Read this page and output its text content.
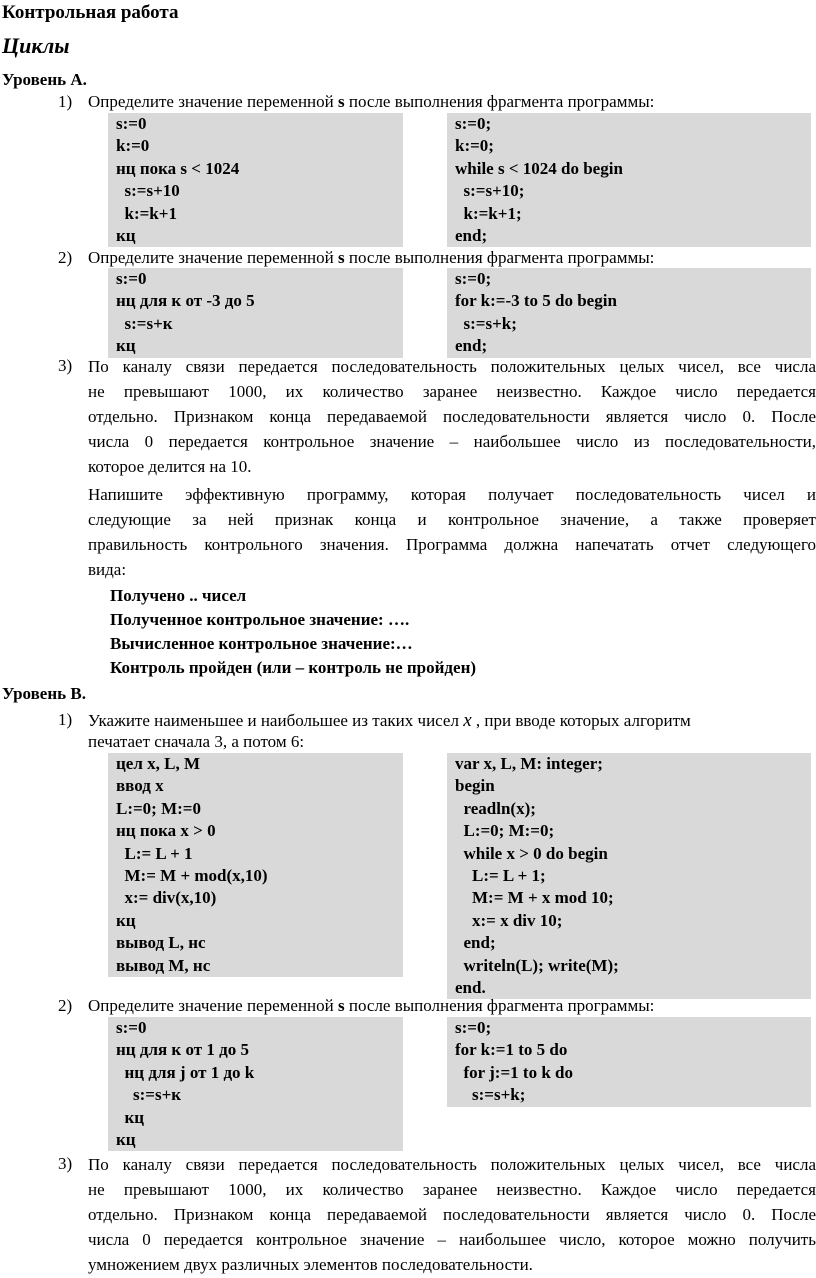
Контрольная работа
Циклы
Уровень А.
1) Определите значение переменной s после выполнения фрагмента программы:
s:=0
k:=0
нц пока s < 1024
s:=s+10
k:=k+1
кц
s:=0;
k:=0;
while s < 1024 do begin
s:=s+10;
k:=k+1;
end;
2) Определите значение переменной s после выполнения фрагмента программы:
s:=0
нц для к от -3 до 5
s:=s+к
кц
s:=0;
for k:=-3 to 5 do begin
s:=s+k;
end;
3) По каналу связи передается последовательность положительных целых чисел, все числа
не превышают 1000, их количество заранее неизвестно. Каждое число передается
отдельно. Признаком конца передаваемой последовательности является число 0. После
числа 0 передается контрольное значение – наибольшее число из последовательности,
которое делится на 10.
Напишите эффективную программу, которая получает последовательность чисел и
следующие за ней признак конца и контрольное значение, а также проверяет
правильность контрольного значения. Программа должна напечатать отчет следующего
вида:
Получено .. чисел
Полученное контрольное значение: ….
Вычисленное контрольное значение:…
Контроль пройден (или – контроль не пройден)
Уровень В.
1) Укажите наименьшее и наибольшее из таких чисел x , при вводе которых алгоритм
печатает сначала 3, а потом 6:
цел x, L, M
ввод x
L:=0; M:=0
нц пока x > 0
L:= L + 1
M:= M + mod(x,10)
x:= div(x,10)
кц
вывод L, нс
вывод M, нс
var x, L, M: integer;
begin
readln(x);
L:=0; M:=0;
while x > 0 do begin
L:= L + 1;
M:= M + x mod 10;
x:= x div 10;
end;
writeln(L); write(M);
end.
2) Определите значение переменной s после выполнения фрагмента программы:
s:=0
нц для к от 1 до 5
нц для j от 1 до k
s:=s+к
кц
кц
s:=0;
for k:=1 to 5 do
for j:=1 to k do
s:=s+k;
3) По каналу связи передается последовательность положительных целых чисел, все числа
не превышают 1000, их количество заранее неизвестно. Каждое число передается
отдельно. Признаком конца передаваемой последовательности является число 0. После
числа 0 передается контрольное значение – наибольшее число, которое можно получить
умножением двух различных элементов последовательности.
